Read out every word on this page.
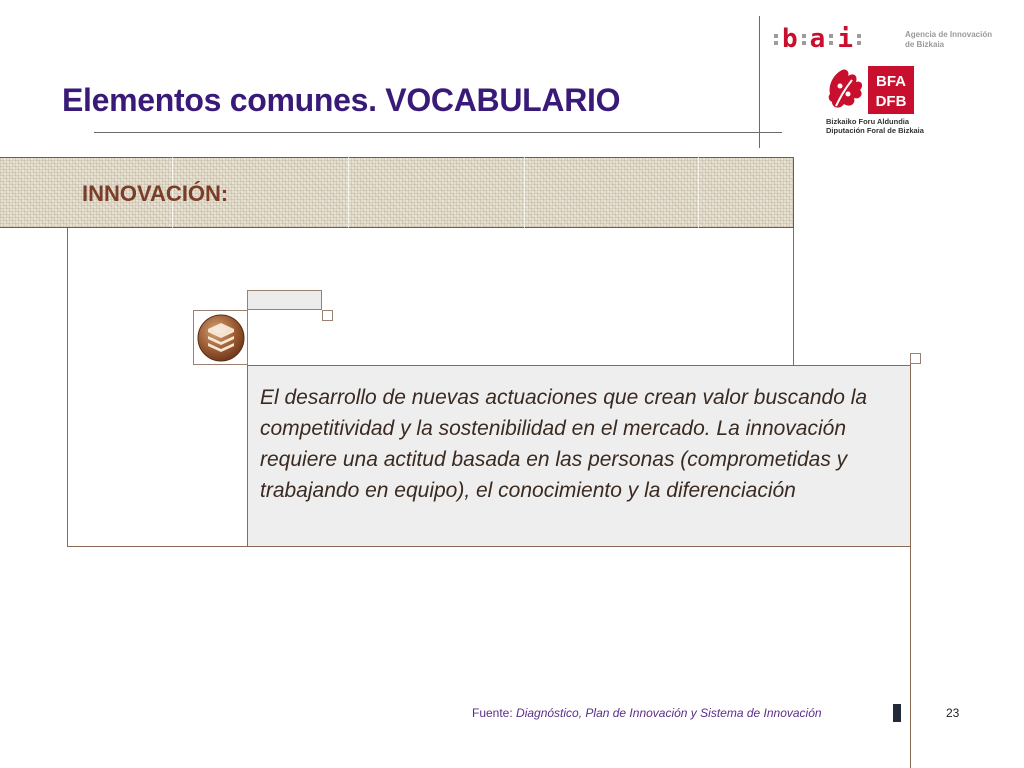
Elementos comunes. VOCABULARIO
b a i	Agencia de Innovación
de Bizkaia
BFA
DFB
Bizkaiko Foru Aldundia
Diputación Foral de Bizkaia
INNOVACIÓN:

El desarrollo de nuevas actuaciones que crean valor buscando la competitividad y la sostenibilidad en el mercado. La innovación requiere una actitud basada en las personas (comprometidas y trabajando en equipo), el conocimiento y la diferenciación

Fuente: Diagnóstico, Plan de Innovación y Sistema de Innovación	23
